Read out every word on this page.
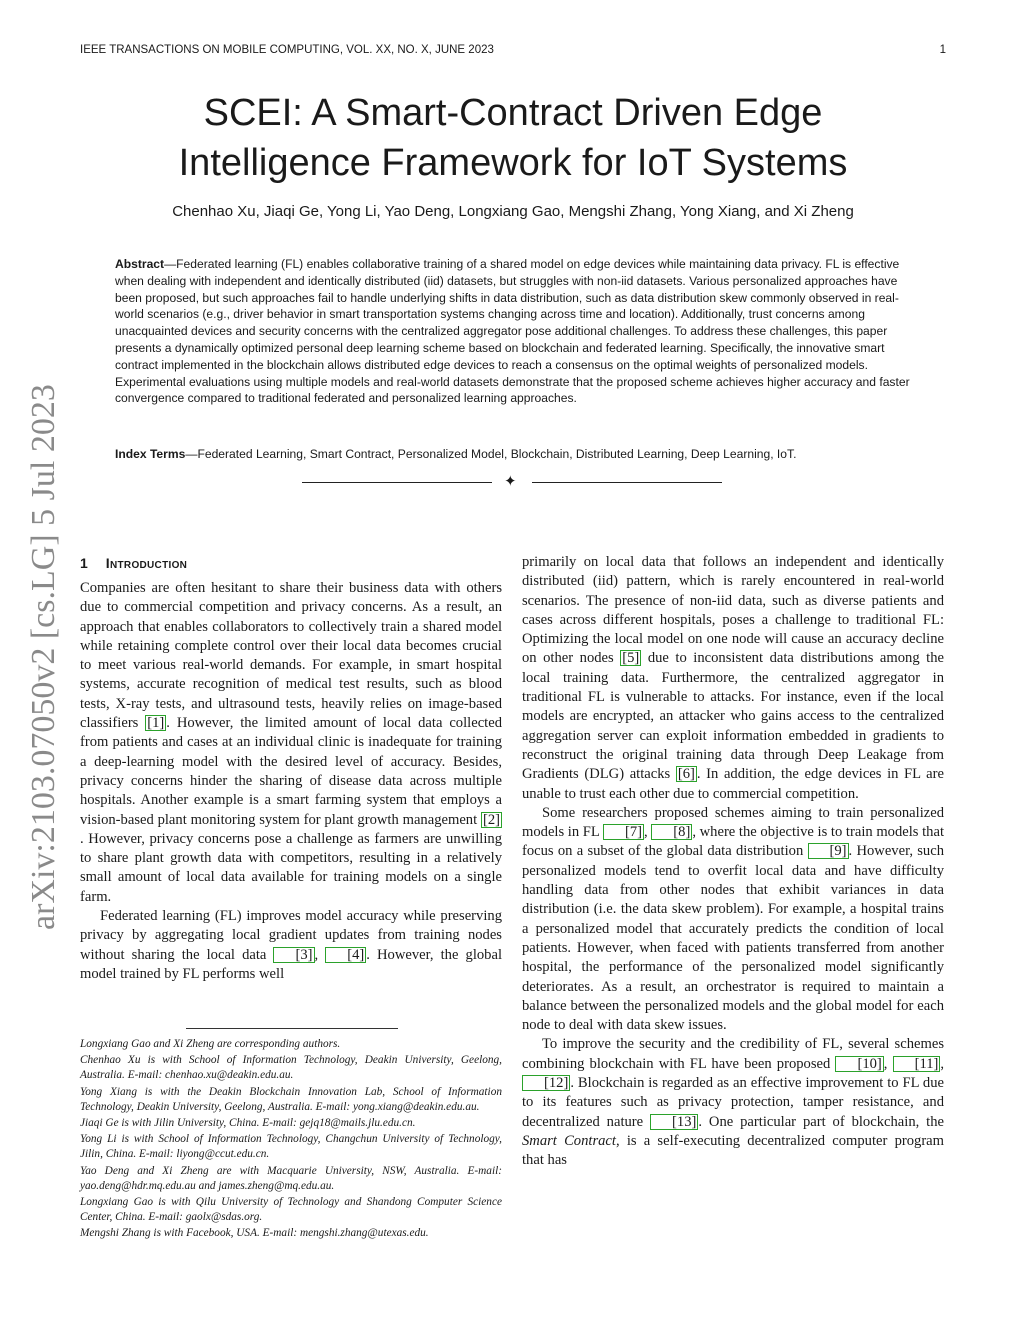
IEEE TRANSACTIONS ON MOBILE COMPUTING, VOL. XX, NO. X, JUNE 2023	1
SCEI: A Smart-Contract Driven Edge
Intelligence Framework for IoT Systems
Chenhao Xu, Jiaqi Ge, Yong Li, Yao Deng, Longxiang Gao, Mengshi Zhang, Yong Xiang, and Xi Zheng
Abstract—Federated learning (FL) enables collaborative training of a shared model on edge devices while maintaining data privacy. FL is effective when dealing with independent and identically distributed (iid) datasets, but struggles with non-iid datasets. Various personalized approaches have been proposed, but such approaches fail to handle underlying shifts in data distribution, such as data distribution skew commonly observed in real-world scenarios (e.g., driver behavior in smart transportation systems changing across time and location). Additionally, trust concerns among unacquainted devices and security concerns with the centralized aggregator pose additional challenges. To address these challenges, this paper presents a dynamically optimized personal deep learning scheme based on blockchain and federated learning. Specifically, the innovative smart contract implemented in the blockchain allows distributed edge devices to reach a consensus on the optimal weights of personalized models. Experimental evaluations using multiple models and real-world datasets demonstrate that the proposed scheme achieves higher accuracy and faster convergence compared to traditional federated and personalized learning approaches.
Index Terms—Federated Learning, Smart Contract, Personalized Model, Blockchain, Distributed Learning, Deep Learning, IoT.
✦
arXiv:2103.07050v2 [cs.LG] 5 Jul 2023 1 Introduction

Companies are often hesitant to share their business data with others due to commercial competition and privacy concerns. As a result, an approach that enables collaborators to collectively train a shared model while retaining complete control over their local data becomes crucial to meet various real-world demands. For example, in smart hospital systems, accurate recognition of medical test results, such as blood tests, X-ray tests, and ultrasound tests, heavily relies on image-based classifiers [1] . However, the limited amount of local data collected from patients and cases at an individual clinic is inadequate for training a deep-learning model with the desired level of accuracy. Besides, privacy concerns hinder the sharing of disease data across multiple hospitals. Another example is a smart farming system that employs a vision-based plant monitoring system for plant growth management [2]. However, privacy concerns pose a challenge as farmers are unwilling to share plant growth data with competitors, resulting in a relatively small amount of local data available for training models on a single farm.

Federated learning (FL) improves model accuracy while preserving privacy by aggregating local gradient updates from training nodes without sharing the local data [3] , [4] . However, the global model trained by FL performs well

Longxiang Gao and Xi Zheng are corresponding authors.

Chenhao Xu is with School of Information Technology, Deakin University, Geelong, Australia. E-mail: chenhao.xu@deakin.edu.au.

Yong Xiang is with the Deakin Blockchain Innovation Lab, School of Information Technology, Deakin University, Geelong, Australia. E-mail: yong.xiang@deakin.edu.au.

Jiaqi Ge is with Jilin University, China. E-mail: gejq18@mails.jlu.edu.cn.

Yong Li is with School of Information Technology, Changchun University of Technology, Jilin, China. E-mail: liyong@ccut.edu.cn.

Yao Deng and Xi Zheng are with Macquarie University, NSW, Australia. E-mail: yao.deng@hdr.mq.edu.au and james.zheng@mq.edu.au.

Longxiang Gao is with Qilu University of Technology and Shandong Computer Science Center, China. E-mail: gaolx@sdas.org.

Mengshi Zhang is with Facebook, USA. E-mail: mengshi.zhang@utexas.edu.

primarily on local data that follows an independent and identically distributed (iid) pattern, which is rarely encountered in real-world scenarios. The presence of non-iid data, such as diverse patients and cases across different hospitals, poses a challenge to traditional FL: Optimizing the local model on one node will cause an accuracy decline on other nodes [5] due to inconsistent data distributions among the local training data. Furthermore, the centralized aggregator in traditional FL is vulnerable to attacks. For instance, even if the local models are encrypted, an attacker who gains access to the centralized aggregation server can exploit information embedded in gradients to reconstruct the original training data through Deep Leakage from Gradients (DLG) attacks [6] . In addition, the edge devices in FL are unable to trust each other due to commercial competition.

Some researchers proposed schemes aiming to train personalized models in FL [7] , [8] , where the objective is to train models that focus on a subset of the global data distribution [9] . However, such personalized models tend to overfit local data and have difficulty handling data from other nodes that exhibit variances in data distribution (i.e. the data skew problem). For example, a hospital trains a personalized model that accurately predicts the condition of local patients. However, when faced with patients transferred from another hospital, the performance of the personalized model significantly deteriorates. As a result, an orchestrator is required to maintain a balance between the personalized models and the global model for each node to deal with data skew issues.

To improve the security and the credibility of FL, several schemes combining blockchain with FL have been proposed [10] , [11] , [12] . Blockchain is regarded as an effective improvement to FL due to its features such as privacy protection, tamper resistance, and decentralized nature [13] . One particular part of blockchain, the Smart Contract, is a self-executing decentralized computer program that has
